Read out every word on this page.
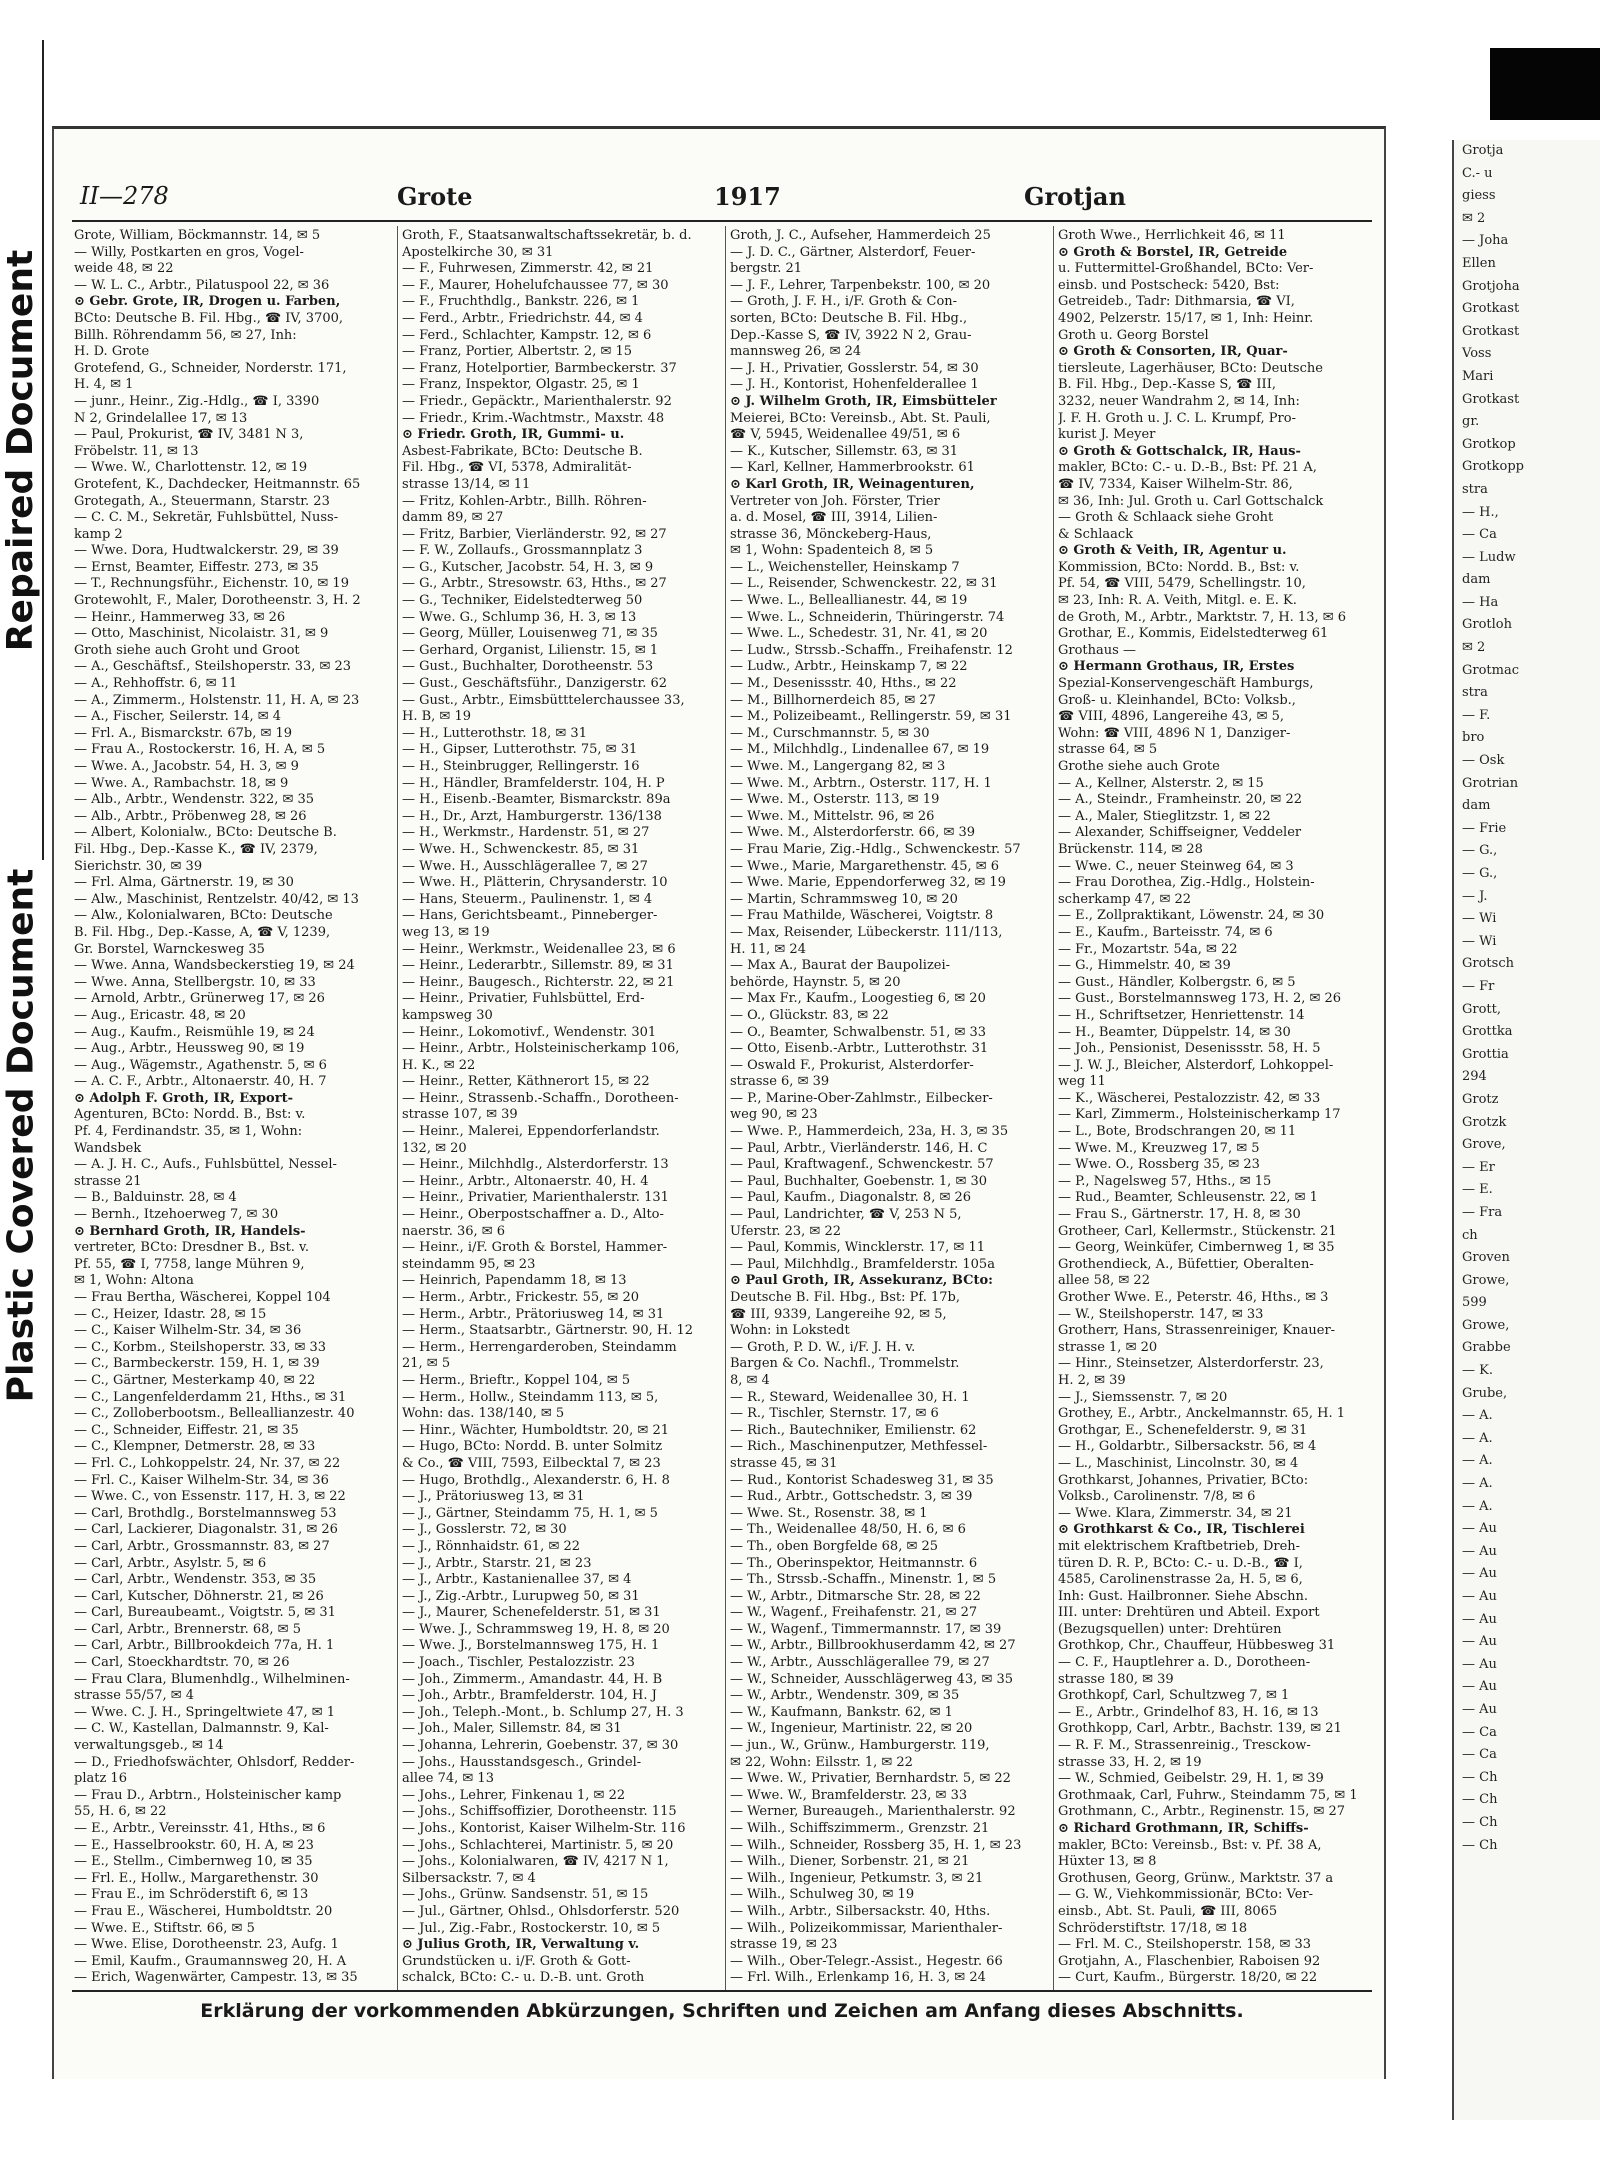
Repaired Document
Plastic Covered Document
Grotja
C.- u
giess
✉ 2
— Joha
Ellen
Grotjoha
Grotkast
Grotkast
Voss
Mari
Grotkast
gr.
Grotkop
Grotkopp
stra
— H.,
— Ca
— Ludw
dam
— Ha
Grotloh
✉ 2
Grotmac
stra
— F.
bro
— Osk
Grotrian
dam
— Frie
— G.,
— G.,
— J.
— Wi
— Wi
Grotsch
— Fr
Grott,
Grottka
Grottia
294
Grotz
Grotzk
Grove,
— Er
— E.
— Fra
ch
Groven
Growe,
599
Growe,
Grabbe
— K.
Grube,
— A.
— A.
— A.
— A.
— A.
— Au
— Au
— Au
— Au
— Au
— Au
— Au
— Au
— Au
— Ca
— Ca
— Ch
— Ch
— Ch
— Ch
II—278	Grote	1917	Grotjan
Grote, William, Böckmannstr. 14, ✉ 5
— Willy, Postkarten en gros, Vogel-
weide 48, ✉ 22
— W. L. C., Arbtr., Pilatuspool 22, ✉ 36
⊙ Gebr. Grote, IR, Drogen u. Farben,
BCto: Deutsche B. Fil. Hbg., ☎ IV, 3700,
Billh. Röhrendamm 56, ✉ 27, Inh:
H. D. Grote
Grotefend, G., Schneider, Norderstr. 171,
H. 4, ✉ 1
— junr., Heinr., Zig.-Hdlg., ☎ I, 3390
N 2, Grindelallee 17, ✉ 13
— Paul, Prokurist, ☎ IV, 3481 N 3,
Fröbelstr. 11, ✉ 13
— Wwe. W., Charlottenstr. 12, ✉ 19
Grotefent, K., Dachdecker, Heitmannstr. 65
Grotegath, A., Steuermann, Starstr. 23
— C. C. M., Sekretär, Fuhlsbüttel, Nuss-
kamp 2
— Wwe. Dora, Hudtwalckerstr. 29, ✉ 39
— Ernst, Beamter, Eiffestr. 273, ✉ 35
— T., Rechnungsführ., Eichenstr. 10, ✉ 19
Grotewohlt, F., Maler, Dorotheenstr. 3, H. 2
— Heinr., Hammerweg 33, ✉ 26
— Otto, Maschinist, Nicolaistr. 31, ✉ 9
Groth siehe auch Groht und Groot
— A., Geschäftsf., Steilshoperstr. 33, ✉ 23
— A., Rehhoffstr. 6, ✉ 11
— A., Zimmerm., Holstenstr. 11, H. A, ✉ 23
— A., Fischer, Seilerstr. 14, ✉ 4
— Frl. A., Bismarckstr. 67b, ✉ 19
— Frau A., Rostockerstr. 16, H. A, ✉ 5
— Wwe. A., Jacobstr. 54, H. 3, ✉ 9
— Wwe. A., Rambachstr. 18, ✉ 9
— Alb., Arbtr., Wendenstr. 322, ✉ 35
— Alb., Arbtr., Pröbenweg 28, ✉ 26
— Albert, Kolonialw., BCto: Deutsche B.
Fil. Hbg., Dep.-Kasse K., ☎ IV, 2379,
Sierichstr. 30, ✉ 39
— Frl. Alma, Gärtnerstr. 19, ✉ 30
— Alw., Maschinist, Rentzelstr. 40/42, ✉ 13
— Alw., Kolonialwaren, BCto: Deutsche
B. Fil. Hbg., Dep.-Kasse, A, ☎ V, 1239,
Gr. Borstel, Warnckesweg 35
— Wwe. Anna, Wandsbeckerstieg 19, ✉ 24
— Wwe. Anna, Stellbergstr. 10, ✉ 33
— Arnold, Arbtr., Grünerweg 17, ✉ 26
— Aug., Ericastr. 48, ✉ 20
— Aug., Kaufm., Reismühle 19, ✉ 24
— Aug., Arbtr., Heussweg 90, ✉ 19
— Aug., Wägemstr., Agathenstr. 5, ✉ 6
— A. C. F., Arbtr., Altonaerstr. 40, H. 7
⊙ Adolph F. Groth, IR, Export-
Agenturen, BCto: Nordd. B., Bst: v.
Pf. 4, Ferdinandstr. 35, ✉ 1, Wohn:
Wandsbek
— A. J. H. C., Aufs., Fuhlsbüttel, Nessel-
strasse 21
— B., Balduinstr. 28, ✉ 4
— Bernh., Itzehoerweg 7, ✉ 30
⊙ Bernhard Groth, IR, Handels-
vertreter, BCto: Dresdner B., Bst. v.
Pf. 55, ☎ I, 7758, lange Mühren 9,
✉ 1, Wohn: Altona
— Frau Bertha, Wäscherei, Koppel 104
— C., Heizer, Idastr. 28, ✉ 15
— C., Kaiser Wilhelm-Str. 34, ✉ 36
— C., Korbm., Steilshoperstr. 33, ✉ 33
— C., Barmbeckerstr. 159, H. 1, ✉ 39
— C., Gärtner, Mesterkamp 40, ✉ 22
— C., Langenfelderdamm 21, Hths., ✉ 31
— C., Zolloberbootsm., Belleallianzestr. 40
— C., Schneider, Eiffestr. 21, ✉ 35
— C., Klempner, Detmerstr. 28, ✉ 33
— Frl. C., Lohkoppelstr. 24, Nr. 37, ✉ 22
— Frl. C., Kaiser Wilhelm-Str. 34, ✉ 36
— Wwe. C., von Essenstr. 117, H. 3, ✉ 22
— Carl, Brothdlg., Borstelmannsweg 53
— Carl, Lackierer, Diagonalstr. 31, ✉ 26
— Carl, Arbtr., Grossmannstr. 83, ✉ 27
— Carl, Arbtr., Asylstr. 5, ✉ 6
— Carl, Arbtr., Wendenstr. 353, ✉ 35
— Carl, Kutscher, Döhnerstr. 21, ✉ 26
— Carl, Bureaubeamt., Voigtstr. 5, ✉ 31
— Carl, Arbtr., Brennerstr. 68, ✉ 5
— Carl, Arbtr., Billbrookdeich 77a, H. 1
— Carl, Stoeckhardtstr. 70, ✉ 26
— Frau Clara, Blumenhdlg., Wilhelminen-
strasse 55/57, ✉ 4
— Wwe. C. J. H., Springeltwiete 47, ✉ 1
— C. W., Kastellan, Dalmannstr. 9, Kal-
verwaltungsgeb., ✉ 14
— D., Friedhofswächter, Ohlsdorf, Redder-
platz 16
— Frau D., Arbtrn., Holsteinischer kamp
55, H. 6, ✉ 22
— E., Arbtr., Vereinsstr. 41, Hths., ✉ 6
— E., Hasselbrookstr. 60, H. A, ✉ 23
— E., Stellm., Cimbernweg 10, ✉ 35
— Frl. E., Hollw., Margarethenstr. 30
— Frau E., im Schröderstift 6, ✉ 13
— Frau E., Wäscherei, Humboldtstr. 20
— Wwe. E., Stiftstr. 66, ✉ 5
— Wwe. Elise, Dorotheenstr. 23, Aufg. 1
— Emil, Kaufm., Graumannsweg 20, H. A
— Erich, Wagenwärter, Campestr. 13, ✉ 35
Groth, F., Staatsanwaltschaftssekretär, b. d.
Apostelkirche 30, ✉ 31
— F., Fuhrwesen, Zimmerstr. 42, ✉ 21
— F., Maurer, Hohelufchaussee 77, ✉ 30
— F., Fruchthdlg., Bankstr. 226, ✉ 1
— Ferd., Arbtr., Friedrichstr. 44, ✉ 4
— Ferd., Schlachter, Kampstr. 12, ✉ 6
— Franz, Portier, Albertstr. 2, ✉ 15
— Franz, Hotelportier, Barmbeckerstr. 37
— Franz, Inspektor, Olgastr. 25, ✉ 1
— Friedr., Gepäcktr., Marienthalerstr. 92
— Friedr., Krim.-Wachtmstr., Maxstr. 48
⊙ Friedr. Groth, IR, Gummi- u.
Asbest-Fabrikate, BCto: Deutsche B.
Fil. Hbg., ☎ VI, 5378, Admiralität-
strasse 13/14, ✉ 11
— Fritz, Kohlen-Arbtr., Billh. Röhren-
damm 89, ✉ 27
— Fritz, Barbier, Vierländerstr. 92, ✉ 27
— F. W., Zollaufs., Grossmannplatz 3
— G., Kutscher, Jacobstr. 54, H. 3, ✉ 9
— G., Arbtr., Stresowstr. 63, Hths., ✉ 27
— G., Techniker, Eidelstedterweg 50
— Wwe. G., Schlump 36, H. 3, ✉ 13
— Georg, Müller, Louisenweg 71, ✉ 35
— Gerhard, Organist, Lilienstr. 15, ✉ 1
— Gust., Buchhalter, Dorotheenstr. 53
— Gust., Geschäftsführ., Danzigerstr. 62
— Gust., Arbtr., Eimsbütttelerchaussee 33,
H. B, ✉ 19
— H., Lutterothstr. 18, ✉ 31
— H., Gipser, Lutterothstr. 75, ✉ 31
— H., Steinbrugger, Rellingerstr. 16
— H., Händler, Bramfelderstr. 104, H. P
— H., Eisenb.-Beamter, Bismarckstr. 89a
— H., Dr., Arzt, Hamburgerstr. 136/138
— H., Werkmstr., Hardenstr. 51, ✉ 27
— Wwe. H., Schwenckestr. 85, ✉ 31
— Wwe. H., Ausschlägerallee 7, ✉ 27
— Wwe. H., Plätterin, Chrysanderstr. 10
— Hans, Steuerm., Paulinenstr. 1, ✉ 4
— Hans, Gerichtsbeamt., Pinneberger-
weg 13, ✉ 19
— Heinr., Werkmstr., Weidenallee 23, ✉ 6
— Heinr., Lederarbtr., Sillemstr. 89, ✉ 31
— Heinr., Baugesch., Richterstr. 22, ✉ 21
— Heinr., Privatier, Fuhlsbüttel, Erd-
kampsweg 30
— Heinr., Lokomotivf., Wendenstr. 301
— Heinr., Arbtr., Holsteinischerkamp 106,
H. K., ✉ 22
— Heinr., Retter, Käthnerort 15, ✉ 22
— Heinr., Strassenb.-Schaffn., Dorotheen-
strasse 107, ✉ 39
— Heinr., Malerei, Eppendorferlandstr.
132, ✉ 20
— Heinr., Milchhdlg., Alsterdorferstr. 13
— Heinr., Arbtr., Altonaerstr. 40, H. 4
— Heinr., Privatier, Marienthalerstr. 131
— Heinr., Oberpostschaffner a. D., Alto-
naerstr. 36, ✉ 6
— Heinr., i/F. Groth & Borstel, Hammer-
steindamm 95, ✉ 23
— Heinrich, Papendamm 18, ✉ 13
— Herm., Arbtr., Frickestr. 55, ✉ 20
— Herm., Arbtr., Prätoriusweg 14, ✉ 31
— Herm., Staatsarbtr., Gärtnerstr. 90, H. 12
— Herm., Herrengarderoben, Steindamm
21, ✉ 5
— Herm., Brieftr., Koppel 104, ✉ 5
— Herm., Hollw., Steindamm 113, ✉ 5,
Wohn: das. 138/140, ✉ 5
— Hinr., Wächter, Humboldtstr. 20, ✉ 21
— Hugo, BCto: Nordd. B. unter Solmitz
& Co., ☎ VIII, 7593, Eilbecktal 7, ✉ 23
— Hugo, Brothdlg., Alexanderstr. 6, H. 8
— J., Prätoriusweg 13, ✉ 31
— J., Gärtner, Steindamm 75, H. 1, ✉ 5
— J., Gosslerstr. 72, ✉ 30
— J., Rönnhaidstr. 61, ✉ 22
— J., Arbtr., Starstr. 21, ✉ 23
— J., Arbtr., Kastanienallee 37, ✉ 4
— J., Zig.-Arbtr., Lurupweg 50, ✉ 31
— J., Maurer, Schenefelderstr. 51, ✉ 31
— Wwe. J., Schrammsweg 19, H. 8, ✉ 20
— Wwe. J., Borstelmannsweg 175, H. 1
— Joach., Tischler, Pestalozzistr. 23
— Joh., Zimmerm., Amandastr. 44, H. B
— Joh., Arbtr., Bramfelderstr. 104, H. J
— Joh., Teleph.-Mont., b. Schlump 27, H. 3
— Joh., Maler, Sillemstr. 84, ✉ 31
— Johanna, Lehrerin, Goebenstr. 37, ✉ 30
— Johs., Hausstandsgesch., Grindel-
allee 74, ✉ 13
— Johs., Lehrer, Finkenau 1, ✉ 22
— Johs., Schiffsoffizier, Dorotheenstr. 115
— Johs., Kontorist, Kaiser Wilhelm-Str. 116
— Johs., Schlachterei, Martinistr. 5, ✉ 20
— Johs., Kolonialwaren, ☎ IV, 4217 N 1,
Silbersackstr. 7, ✉ 4
— Johs., Grünw. Sandsenstr. 51, ✉ 15
— Jul., Gärtner, Ohlsd., Ohlsdorferstr. 520
— Jul., Zig.-Fabr., Rostockerstr. 10, ✉ 5
⊙ Julius Groth, IR, Verwaltung v.
Grundstücken u. i/F. Groth & Gott-
schalck, BCto: C.- u. D.-B. unt. Groth
Groth, J. C., Aufseher, Hammerdeich 25
— J. D. C., Gärtner, Alsterdorf, Feuer-
bergstr. 21
— J. F., Lehrer, Tarpenbekstr. 100, ✉ 20
— Groth, J. F. H., i/F. Groth & Con-
sorten, BCto: Deutsche B. Fil. Hbg.,
Dep.-Kasse S, ☎ IV, 3922 N 2, Grau-
mannsweg 26, ✉ 24
— J. H., Privatier, Gosslerstr. 54, ✉ 30
— J. H., Kontorist, Hohenfelderallee 1
⊙ J. Wilhelm Groth, IR, Eimsbütteler
Meierei, BCto: Vereinsb., Abt. St. Pauli,
☎ V, 5945, Weidenallee 49/51, ✉ 6
— K., Kutscher, Sillemstr. 63, ✉ 31
— Karl, Kellner, Hammerbrookstr. 61
⊙ Karl Groth, IR, Weinagenturen,
Vertreter von Joh. Förster, Trier
a. d. Mosel, ☎ III, 3914, Lilien-
strasse 36, Mönckeberg-Haus,
✉ 1, Wohn: Spadenteich 8, ✉ 5
— L., Weichensteller, Heinskamp 7
— L., Reisender, Schwenckestr. 22, ✉ 31
— Wwe. L., Belleallianestr. 44, ✉ 19
— Wwe. L., Schneiderin, Thüringerstr. 74
— Wwe. L., Schedestr. 31, Nr. 41, ✉ 20
— Ludw., Strssb.-Schaffn., Freihafenstr. 12
— Ludw., Arbtr., Heinskamp 7, ✉ 22
— M., Desenissstr. 40, Hths., ✉ 22
— M., Billhornerdeich 85, ✉ 27
— M., Polizeibeamt., Rellingerstr. 59, ✉ 31
— M., Curschmannstr. 5, ✉ 30
— M., Milchhdlg., Lindenallee 67, ✉ 19
— Wwe. M., Langergang 82, ✉ 3
— Wwe. M., Arbtrn., Osterstr. 117, H. 1
— Wwe. M., Osterstr. 113, ✉ 19
— Wwe. M., Mittelstr. 96, ✉ 26
— Wwe. M., Alsterdorferstr. 66, ✉ 39
— Frau Marie, Zig.-Hdlg., Schwenckestr. 57
— Wwe., Marie, Margarethenstr. 45, ✉ 6
— Wwe. Marie, Eppendorferweg 32, ✉ 19
— Martin, Schrammsweg 10, ✉ 20
— Frau Mathilde, Wäscherei, Voigtstr. 8
— Max, Reisender, Lübeckerstr. 111/113,
H. 11, ✉ 24
— Max A., Baurat der Baupolizei-
behörde, Haynstr. 5, ✉ 20
— Max Fr., Kaufm., Loogestieg 6, ✉ 20
— O., Glückstr. 83, ✉ 22
— O., Beamter, Schwalbenstr. 51, ✉ 33
— Otto, Eisenb.-Arbtr., Lutterothstr. 31
— Oswald F., Prokurist, Alsterdorfer-
strasse 6, ✉ 39
— P., Marine-Ober-Zahlmstr., Eilbecker-
weg 90, ✉ 23
— Wwe. P., Hammerdeich, 23a, H. 3, ✉ 35
— Paul, Arbtr., Vierländerstr. 146, H. C
— Paul, Kraftwagenf., Schwenckestr. 57
— Paul, Buchhalter, Goebenstr. 1, ✉ 30
— Paul, Kaufm., Diagonalstr. 8, ✉ 26
— Paul, Landrichter, ☎ V, 253 N 5,
Uferstr. 23, ✉ 22
— Paul, Kommis, Wincklerstr. 17, ✉ 11
— Paul, Milchhdlg., Bramfelderstr. 105a
⊙ Paul Groth, IR, Assekuranz, BCto:
Deutsche B. Fil. Hbg., Bst: Pf. 17b,
☎ III, 9339, Langereihe 92, ✉ 5,
Wohn: in Lokstedt
— Groth, P. D. W., i/F. J. H. v.
Bargen & Co. Nachfl., Trommelstr.
8, ✉ 4
— R., Steward, Weidenallee 30, H. 1
— R., Tischler, Sternstr. 17, ✉ 6
— Rich., Bautechniker, Emilienstr. 62
— Rich., Maschinenputzer, Methfessel-
strasse 45, ✉ 31
— Rud., Kontorist Schadesweg 31, ✉ 35
— Rud., Arbtr., Gottschedstr. 3, ✉ 39
— Wwe. St., Rosenstr. 38, ✉ 1
— Th., Weidenallee 48/50, H. 6, ✉ 6
— Th., oben Borgfelde 68, ✉ 25
— Th., Oberinspektor, Heitmannstr. 6
— Th., Strssb.-Schaffn., Minenstr. 1, ✉ 5
— W., Arbtr., Ditmarsche Str. 28, ✉ 22
— W., Wagenf., Freihafenstr. 21, ✉ 27
— W., Wagenf., Timmermannstr. 17, ✉ 39
— W., Arbtr., Billbrookhuserdamm 42, ✉ 27
— W., Arbtr., Ausschlägerallee 79, ✉ 27
— W., Schneider, Ausschlägerweg 43, ✉ 35
— W., Arbtr., Wendenstr. 309, ✉ 35
— W., Kaufmann, Bankstr. 62, ✉ 1
— W., Ingenieur, Martinistr. 22, ✉ 20
— jun., W., Grünw., Hamburgerstr. 119,
✉ 22, Wohn: Eilsstr. 1, ✉ 22
— Wwe. W., Privatier, Bernhardstr. 5, ✉ 22
— Wwe. W., Bramfelderstr. 23, ✉ 33
— Werner, Bureaugeh., Marienthalerstr. 92
— Wilh., Schiffszimmerm., Grenzstr. 21
— Wilh., Schneider, Rossberg 35, H. 1, ✉ 23
— Wilh., Diener, Sorbenstr. 21, ✉ 21
— Wilh., Ingenieur, Petkumstr. 3, ✉ 21
— Wilh., Schulweg 30, ✉ 19
— Wilh., Arbtr., Silbersackstr. 40, Hths.
— Wilh., Polizeikommissar, Marienthaler-
strasse 19, ✉ 23
— Wilh., Ober-Telegr.-Assist., Hegestr. 66
— Frl. Wilh., Erlenkamp 16, H. 3, ✉ 24
Groth Wwe., Herrlichkeit 46, ✉ 11
⊙ Groth & Borstel, IR, Getreide
u. Futtermittel-Großhandel, BCto: Ver-
einsb. und Postscheck: 5420, Bst:
Getreideb., Tadr: Dithmarsia, ☎ VI,
4902, Pelzerstr. 15/17, ✉ 1, Inh: Heinr.
Groth u. Georg Borstel
⊙ Groth & Consorten, IR, Quar-
tiersleute, Lagerhäuser, BCto: Deutsche
B. Fil. Hbg., Dep.-Kasse S, ☎ III,
3232, neuer Wandrahm 2, ✉ 14, Inh:
J. F. H. Groth u. J. C. L. Krumpf, Pro-
kurist J. Meyer
⊙ Groth & Gottschalck, IR, Haus-
makler, BCto: C.- u. D.-B., Bst: Pf. 21 A,
☎ IV, 7334, Kaiser Wilhelm-Str. 86,
✉ 36, Inh: Jul. Groth u. Carl Gottschalck
— Groth & Schlaack siehe Groht
& Schlaack
⊙ Groth & Veith, IR, Agentur u.
Kommission, BCto: Nordd. B., Bst: v.
Pf. 54, ☎ VIII, 5479, Schellingstr. 10,
✉ 23, Inh: R. A. Veith, Mitgl. e. E. K.
de Groth, M., Arbtr., Marktstr. 7, H. 13, ✉ 6
Grothar, E., Kommis, Eidelstedterweg 61
Grothaus —
⊙ Hermann Grothaus, IR, Erstes
Spezial-Konservengeschäft Hamburgs,
Groß- u. Kleinhandel, BCto: Volksb.,
☎ VIII, 4896, Langereihe 43, ✉ 5,
Wohn: ☎ VIII, 4896 N 1, Danziger-
strasse 64, ✉ 5
Grothe siehe auch Grote
— A., Kellner, Alsterstr. 2, ✉ 15
— A., Steindr., Framheinstr. 20, ✉ 22
— A., Maler, Stieglitzstr. 1, ✉ 22
— Alexander, Schiffseigner, Veddeler
Brückenstr. 114, ✉ 28
— Wwe. C., neuer Steinweg 64, ✉ 3
— Frau Dorothea, Zig.-Hdlg., Holstein-
scherkamp 47, ✉ 22
— E., Zollpraktikant, Löwenstr. 24, ✉ 30
— E., Kaufm., Barteisstr. 74, ✉ 6
— Fr., Mozartstr. 54a, ✉ 22
— G., Himmelstr. 40, ✉ 39
— Gust., Händler, Kolbergstr. 6, ✉ 5
— Gust., Borstelmannsweg 173, H. 2, ✉ 26
— H., Schriftsetzer, Henriettenstr. 14
— H., Beamter, Düppelstr. 14, ✉ 30
— Joh., Pensionist, Desenissstr. 58, H. 5
— J. W. J., Bleicher, Alsterdorf, Lohkoppel-
weg 11
— K., Wäscherei, Pestalozzistr. 42, ✉ 33
— Karl, Zimmerm., Holsteinischerkamp 17
— L., Bote, Brodschrangen 20, ✉ 11
— Wwe. M., Kreuzweg 17, ✉ 5
— Wwe. O., Rossberg 35, ✉ 23
— P., Nagelsweg 57, Hths., ✉ 15
— Rud., Beamter, Schleusenstr. 22, ✉ 1
— Frau S., Gärtnerstr. 17, H. 8, ✉ 30
Grotheer, Carl, Kellermstr., Stückenstr. 21
— Georg, Weinküfer, Cimbernweg 1, ✉ 35
Grothendieck, A., Büfettier, Oberalten-
allee 58, ✉ 22
Grother Wwe. E., Peterstr. 46, Hths., ✉ 3
— W., Steilshoperstr. 147, ✉ 33
Grotherr, Hans, Strassenreiniger, Knauer-
strasse 1, ✉ 20
— Hinr., Steinsetzer, Alsterdorferstr. 23,
H. 2, ✉ 39
— J., Siemssenstr. 7, ✉ 20
Grothey, E., Arbtr., Anckelmannstr. 65, H. 1
Grothgar, E., Schenefelderstr. 9, ✉ 31
— H., Goldarbtr., Silbersackstr. 56, ✉ 4
— L., Maschinist, Lincolnstr. 30, ✉ 4
Grothkarst, Johannes, Privatier, BCto:
Volksb., Carolinenstr. 7/8, ✉ 6
— Wwe. Klara, Zimmerstr. 34, ✉ 21
⊙ Grothkarst & Co., IR, Tischlerei
mit elektrischem Kraftbetrieb, Dreh-
türen D. R. P., BCto: C.- u. D.-B., ☎ I,
4585, Carolinenstrasse 2a, H. 5, ✉ 6,
Inh: Gust. Hailbronner. Siehe Abschn.
III. unter: Drehtüren und Abteil. Export
(Bezugsquellen) unter: Drehtüren
Grothkop, Chr., Chauffeur, Hübbesweg 31
— C. F., Hauptlehrer a. D., Dorotheen-
strasse 180, ✉ 39
Grothkopf, Carl, Schultzweg 7, ✉ 1
— E., Arbtr., Grindelhof 83, H. 16, ✉ 13
Grothkopp, Carl, Arbtr., Bachstr. 139, ✉ 21
— R. F. M., Strassenreinig., Tresckow-
strasse 33, H. 2, ✉ 19
— W., Schmied, Geibelstr. 29, H. 1, ✉ 39
Grothmaak, Carl, Fuhrw., Steindamm 75, ✉ 1
Grothmann, C., Arbtr., Reginenstr. 15, ✉ 27
⊙ Richard Grothmann, IR, Schiffs-
makler, BCto: Vereinsb., Bst: v. Pf. 38 A,
Hüxter 13, ✉ 8
Grothusen, Georg, Grünw., Marktstr. 37 a
— G. W., Viehkommissionär, BCto: Ver-
einsb., Abt. St. Pauli, ☎ III, 8065
Schröderstiftstr. 17/18, ✉ 18
— Frl. M. C., Steilshoperstr. 158, ✉ 33
Grotjahn, A., Flaschenbier, Raboisen 92
— Curt, Kaufm., Bürgerstr. 18/20, ✉ 22
Erklärung der vorkommenden Abkürzungen, Schriften und Zeichen am Anfang dieses Abschnitts.
